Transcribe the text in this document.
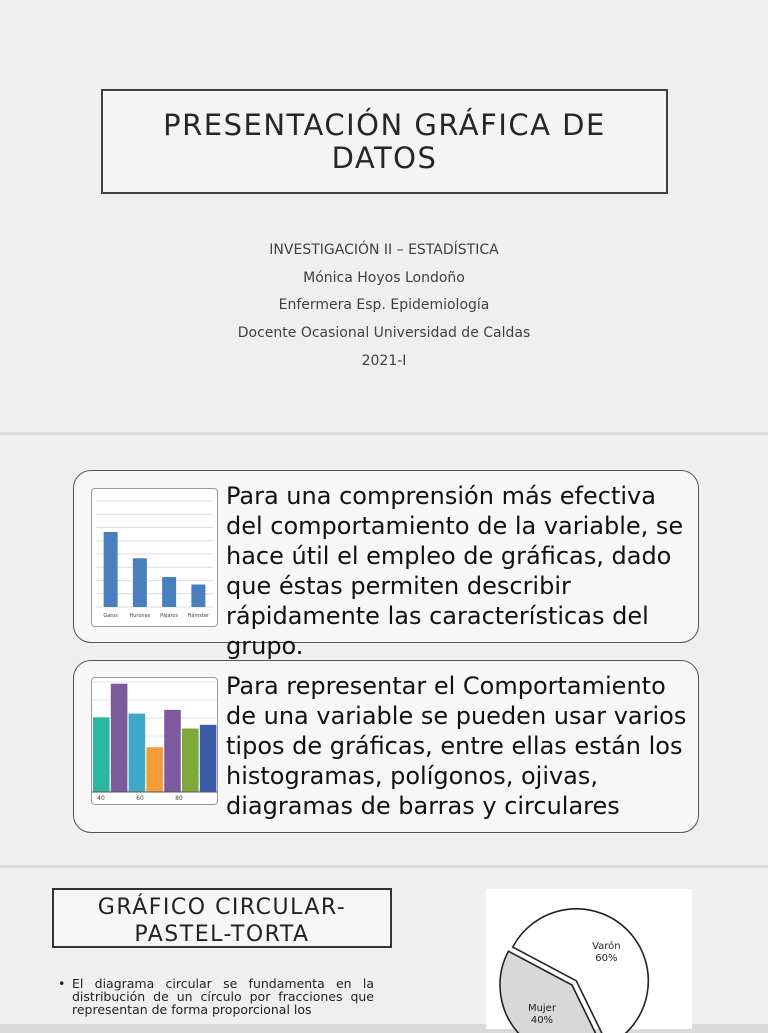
PRESENTACIÓN GRÁFICA DE DATOS
INVESTIGACIÓN II – ESTADÍSTICA
Mónica Hoyos Londoño
Enfermera Esp. Epidemiología
Docente Ocasional Universidad de Caldas
2021-I
Gatos Hurones Pájaros Hámster
Para una comprensión más efectiva del comportamiento de la variable, se hace útil el empleo de gráficas, dado que éstas permiten describir rápidamente las características del grupo.
40	60	80
Para representar el Comportamiento de una variable se pueden usar varios tipos de gráficas, entre ellas están los histogramas, polígonos, ojivas, diagramas de barras y circulares
GRÁFICO CIRCULAR-PASTEL-TORTA
• El diagrama circular se fundamenta en la distribución de un círculo por fracciones que representan de forma proporcional los	Mujer
40%
Varón
60%
